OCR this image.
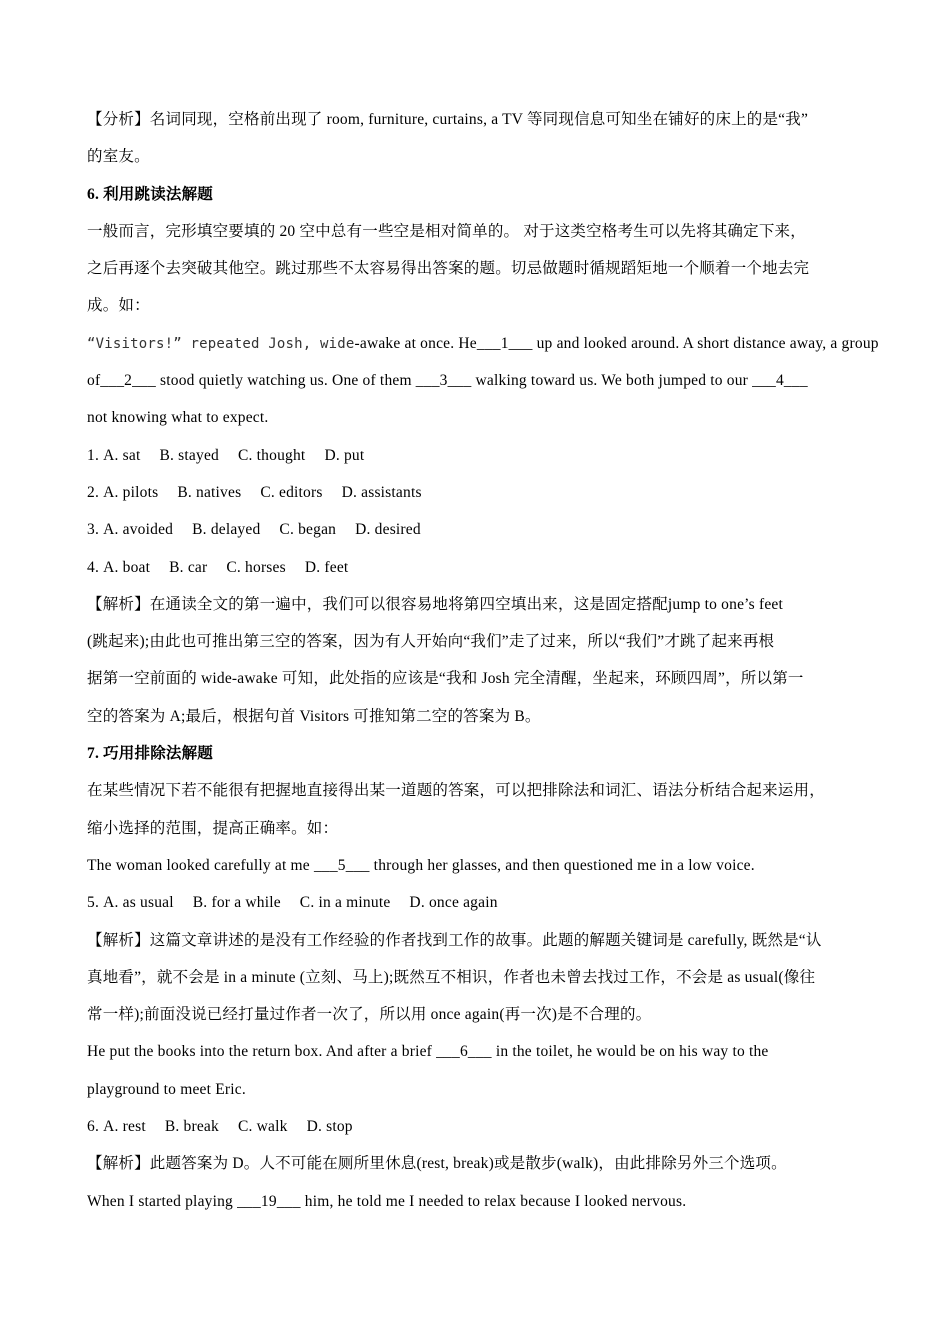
【分析】名词同现，空格前出现了 room, furniture, curtains, a TV 等同现信息可知坐在铺好的床上的是“我”
的室友。
6. 利用跳读法解题
一般而言，完形填空要填的 20 空中总有一些空是相对简单的。 对于这类空格考生可以先将其确定下来，
之后再逐个去突破其他空。跳过那些不太容易得出答案的题。切忌做题时循规蹈矩地一个顺着一个地去完
成。如：
“Visitors!” repeated Josh, wide-awake at once. He___1___ up and looked around. A short distance away, a group
of___2___ stood quietly watching us. One of them ___3___ walking toward us. We both jumped to our ___4___
not knowing what to expect.
1. A. sat B. stayed C. thought D. put
2. A. pilots B. natives C. editors D. assistants
3. A. avoided B. delayed C. began D. desired
4. A. boat B. car C. horses D. feet
【解析】在通读全文的第一遍中，我们可以很容易地将第四空填出来，这是固定搭配jump to one’s feet
(跳起来);由此也可推出第三空的答案，因为有人开始向“我们”走了过来，所以“我们”才跳了起来再根
据第一空前面的 wide-awake 可知，此处指的应该是“我和 Josh 完全清醒，坐起来，环顾四周”，所以第一
空的答案为 A;最后，根据句首 Visitors 可推知第二空的答案为 B。
7. 巧用排除法解题
在某些情况下若不能很有把握地直接得出某一道题的答案，可以把排除法和词汇、语法分析结合起来运用，
缩小选择的范围，提高正确率。如：
The woman looked carefully at me ___5___ through her glasses, and then questioned me in a low voice.
5. A. as usual B. for a while C. in a minute D. once again
【解析】这篇文章讲述的是没有工作经验的作者找到工作的故事。此题的解题关键词是 carefully, 既然是“认
真地看”，就不会是 in a minute (立刻、马上);既然互不相识，作者也未曾去找过工作，不会是 as usual(像往
常一样);前面没说已经打量过作者一次了，所以用 once again(再一次)是不合理的。
He put the books into the return box. And after a brief ___6___ in the toilet, he would be on his way to the
playground to meet Eric.
6. A. rest B. break C. walk D. stop
【解析】此题答案为 D。人不可能在厕所里休息(rest, break)或是散步(walk)，由此排除另外三个选项。
When I started playing ___19___ him, he told me I needed to relax because I looked nervous.
